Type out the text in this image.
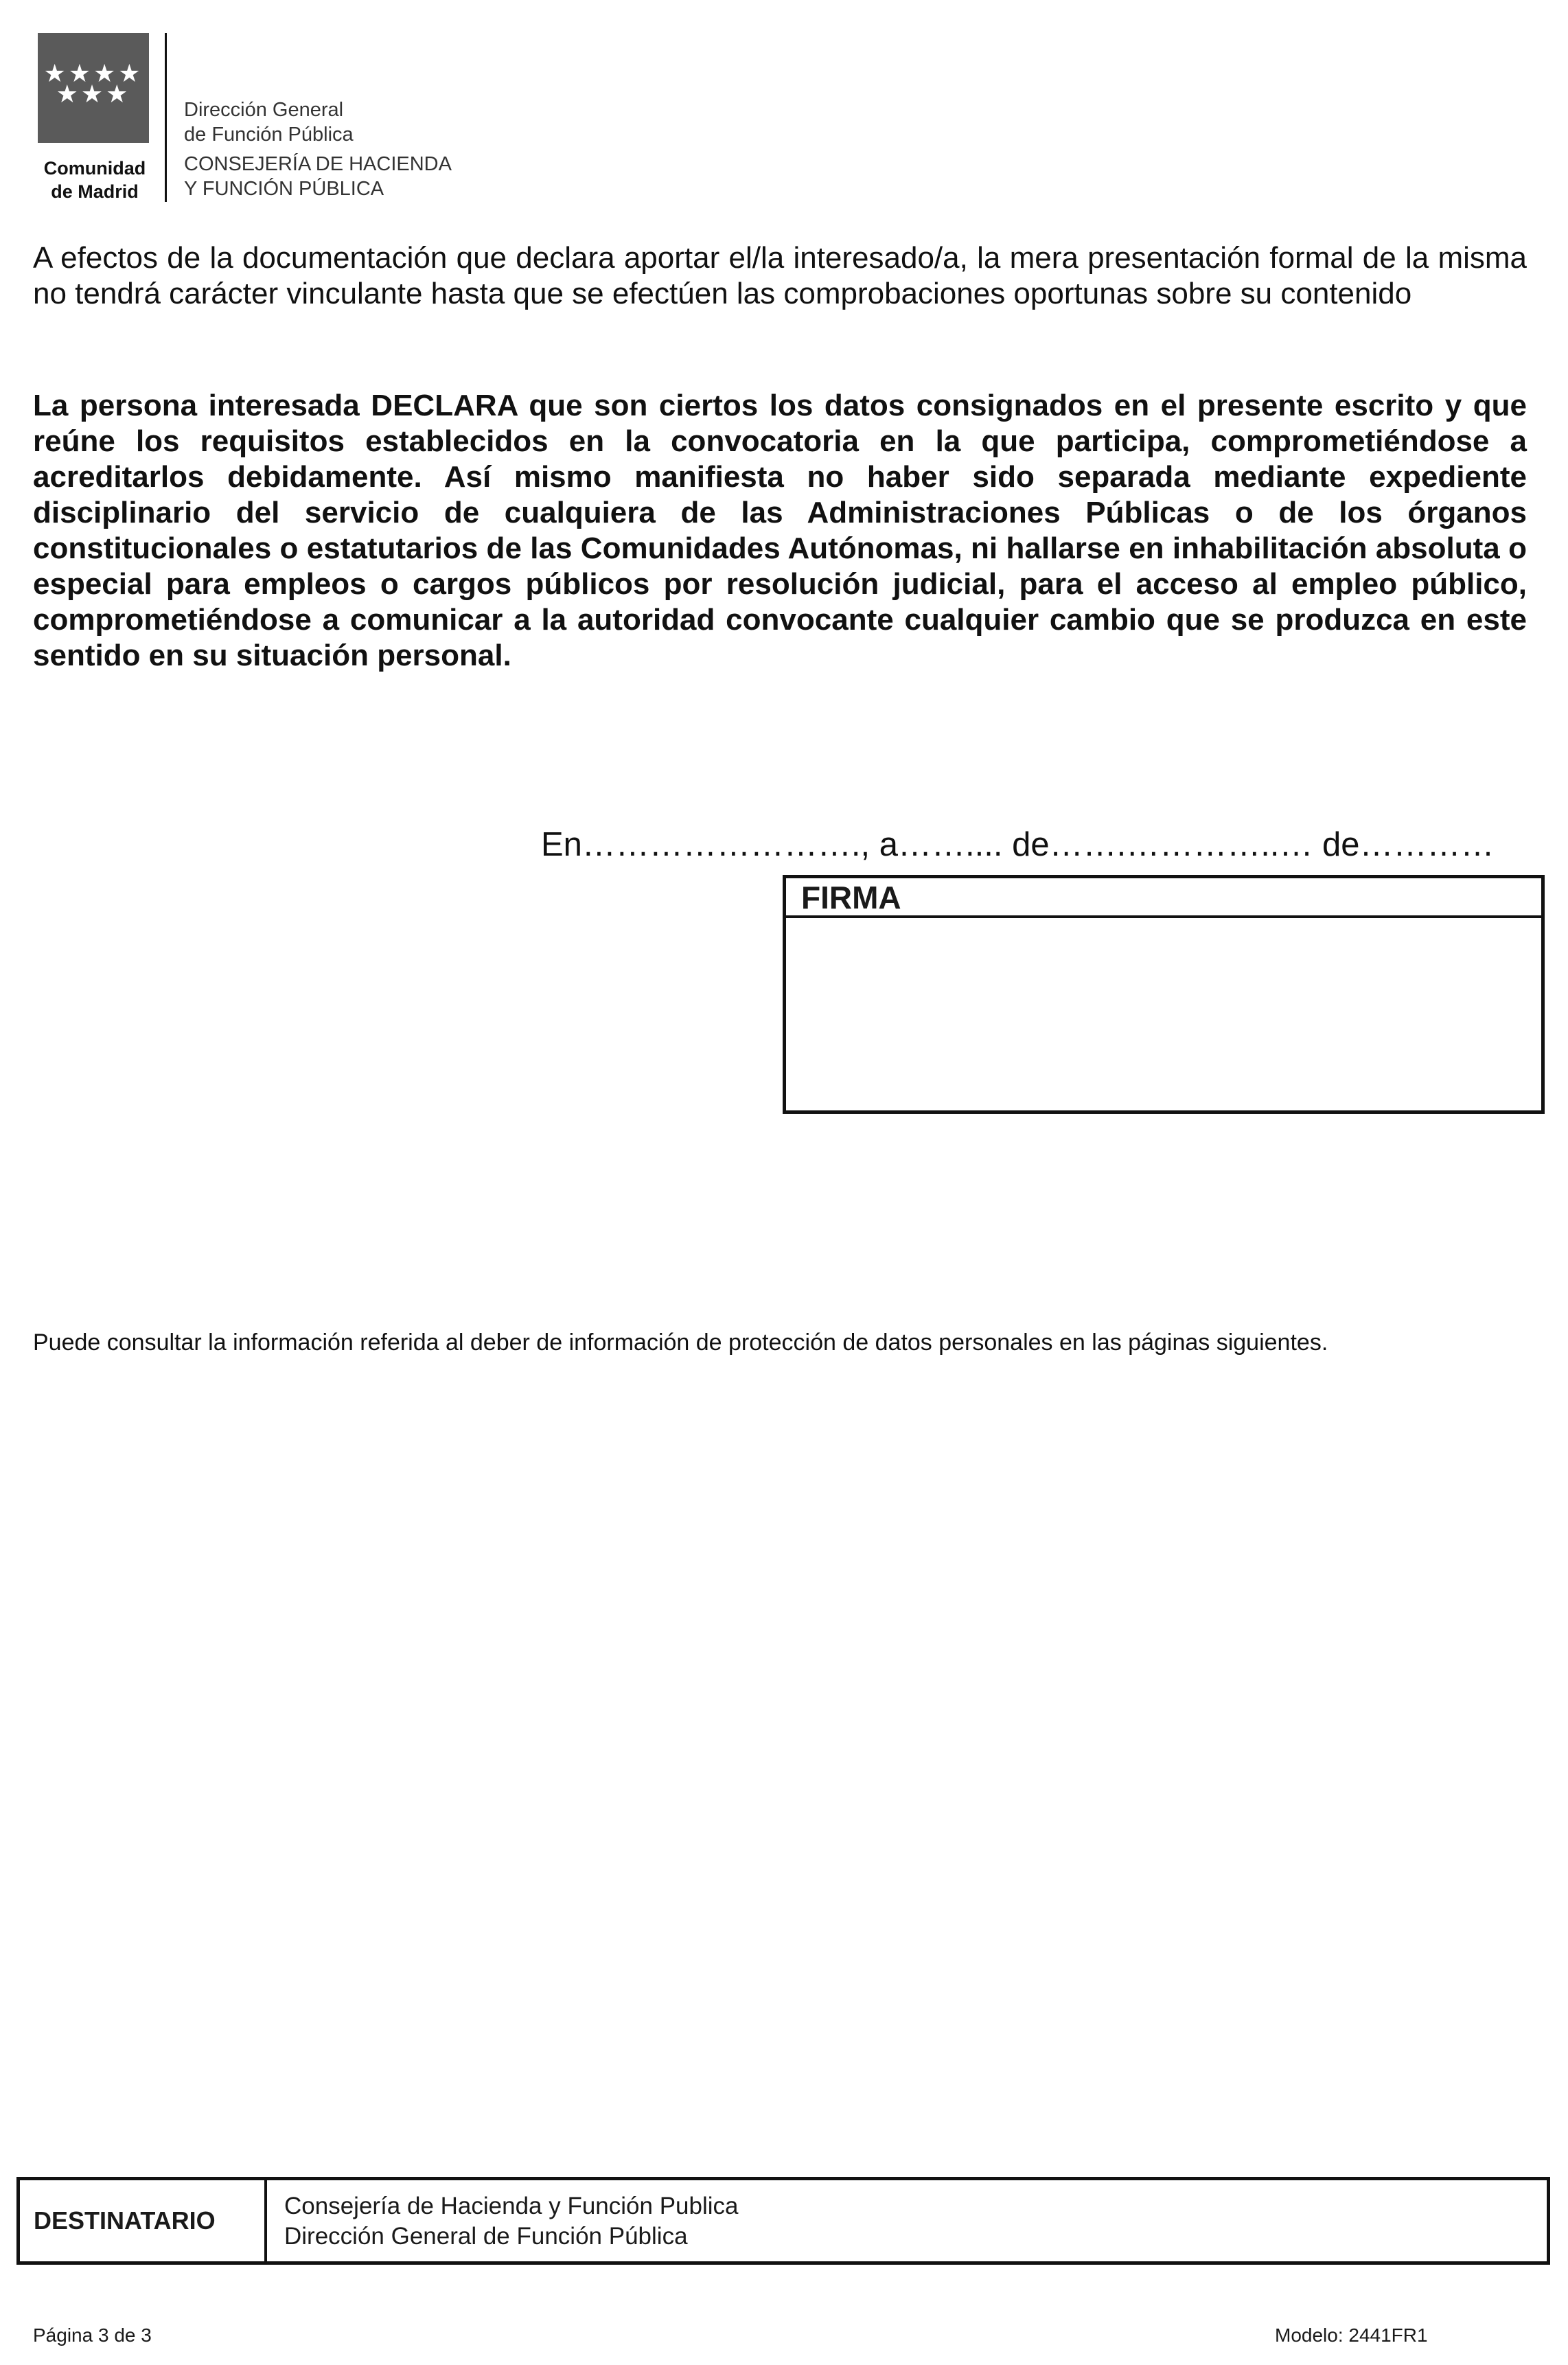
★★★★
★★★
Comunidad
de Madrid
Dirección General
de Función Pública
CONSEJERÍA DE HACIENDA
Y FUNCIÓN PÚBLICA
A efectos de la documentación que declara aportar el/la interesado/a, la mera presentación formal de la misma no tendrá carácter vinculante hasta que se efectúen las comprobaciones oportunas sobre su contenido
La persona interesada DECLARA que son ciertos los datos consignados en el presente escrito y que reúne los requisitos establecidos en la convocatoria en la que participa, comprometiéndose a acreditarlos debidamente. Así mismo manifiesta no haber sido separada mediante expediente disciplinario del servicio de cualquiera de las Administraciones Públicas o de los órganos constitucionales o estatutarios de las Comunidades Autónomas, ni hallarse en inhabilitación absoluta o especial para empleos o cargos públicos por resolución judicial, para el acceso al empleo público, comprometiéndose a comunicar a la autoridad convocante cualquier cambio que se produzca en este sentido en su situación personal.
En……………………., a…….... de…….…………..… de…………
FIRMA
Puede consultar la información referida al deber de información de protección de datos personales en las páginas siguientes.
DESTINATARIO
Consejería de Hacienda y Función Publica
Dirección General de Función Pública
Página 3 de 3	Modelo: 2441FR1
